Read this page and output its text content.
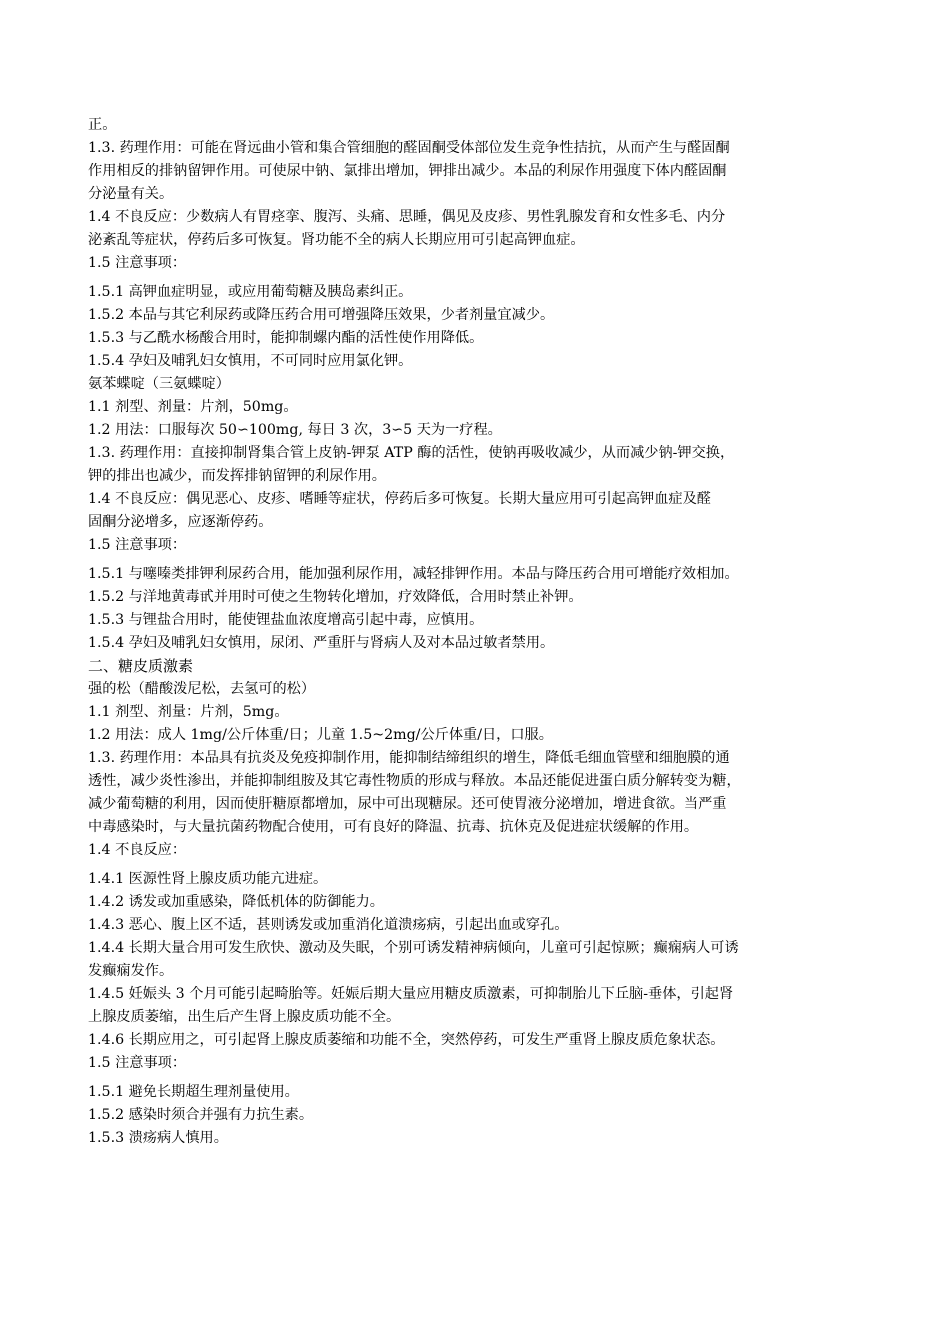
正。
1.3. 药理作用：可能在肾远曲小管和集合管细胞的醛固酮受体部位发生竞争性拮抗，从而产生与醛固酮
作用相反的排钠留钾作用。可使尿中钠、氯排出增加，钾排出减少。本品的利尿作用强度下体内醛固酮
分泌量有关。
1.4 不良反应：少数病人有胃痉挛、腹泻、头痛、思睡，偶见及皮疹、男性乳腺发育和女性多毛、内分
泌紊乱等症状，停药后多可恢复。肾功能不全的病人长期应用可引起高钾血症。
1.5 注意事项：
1.5.1 高钾血症明显，或应用葡萄糖及胰岛素纠正。
1.5.2 本品与其它利尿药或降压药合用可增强降压效果，少者剂量宜减少。
1.5.3 与乙酰水杨酸合用时，能抑制螺内酯的活性使作用降低。
1.5.4 孕妇及哺乳妇女慎用，不可同时应用氯化钾。
氨苯蝶啶（三氨蝶啶）
1.1 剂型、剂量：片剂，50mg。
1.2 用法：口服每次 50∽100mg, 每日 3 次，3∽5 天为一疗程。
1.3. 药理作用：直接抑制肾集合管上皮钠-钾泵 ATP 酶的活性，使钠再吸收减少，从而减少钠-钾交换，
钾的排出也减少，而发挥排钠留钾的利尿作用。
1.4 不良反应：偶见恶心、皮疹、嗜睡等症状，停药后多可恢复。长期大量应用可引起高钾血症及醛
固酮分泌增多，应逐渐停药。
1.5 注意事项：
1.5.1 与噻嗪类排钾利尿药合用，能加强利尿作用，减轻排钾作用。本品与降压药合用可增能疗效相加。
1.5.2 与洋地黄毒甙并用时可使之生物转化增加，疗效降低，合用时禁止补钾。
1.5.3 与锂盐合用时，能使锂盐血浓度增高引起中毒，应慎用。
1.5.4 孕妇及哺乳妇女慎用，尿闭、严重肝与肾病人及对本品过敏者禁用。
二、糖皮质激素
强的松（醋酸泼尼松，去氢可的松）
1.1 剂型、剂量：片剂，5mg。
1.2 用法：成人 1mg/公斤体重/日；儿童 1.5~2mg/公斤体重/日，口服。
1.3. 药理作用：本品具有抗炎及免疫抑制作用，能抑制结缔组织的增生，降低毛细血管壁和细胞膜的通
透性，减少炎性渗出，并能抑制组胺及其它毒性物质的形成与释放。本品还能促进蛋白质分解转变为糖，
减少葡萄糖的利用，因而使肝糖原都增加，尿中可出现糖尿。还可使胃液分泌增加，增进食欲。当严重
中毒感染时，与大量抗菌药物配合使用，可有良好的降温、抗毒、抗休克及促进症状缓解的作用。
1.4 不良反应：
1.4.1 医源性肾上腺皮质功能亢进症。
1.4.2 诱发或加重感染，降低机体的防御能力。
1.4.3 恶心、腹上区不适，甚则诱发或加重消化道溃疡病，引起出血或穿孔。
1.4.4 长期大量合用可发生欣快、激动及失眠，个别可诱发精神病倾向，儿童可引起惊厥；癫痫病人可诱
发癫痫发作。
1.4.5 妊娠头 3 个月可能引起畸胎等。妊娠后期大量应用糖皮质激素，可抑制胎儿下丘脑-垂体，引起肾
上腺皮质萎缩，出生后产生肾上腺皮质功能不全。
1.4.6 长期应用之，可引起肾上腺皮质萎缩和功能不全，突然停药，可发生严重肾上腺皮质危象状态。
1.5 注意事项：
1.5.1 避免长期超生理剂量使用。
1.5.2 感染时须合并强有力抗生素。
1.5.3 溃疡病人慎用。
